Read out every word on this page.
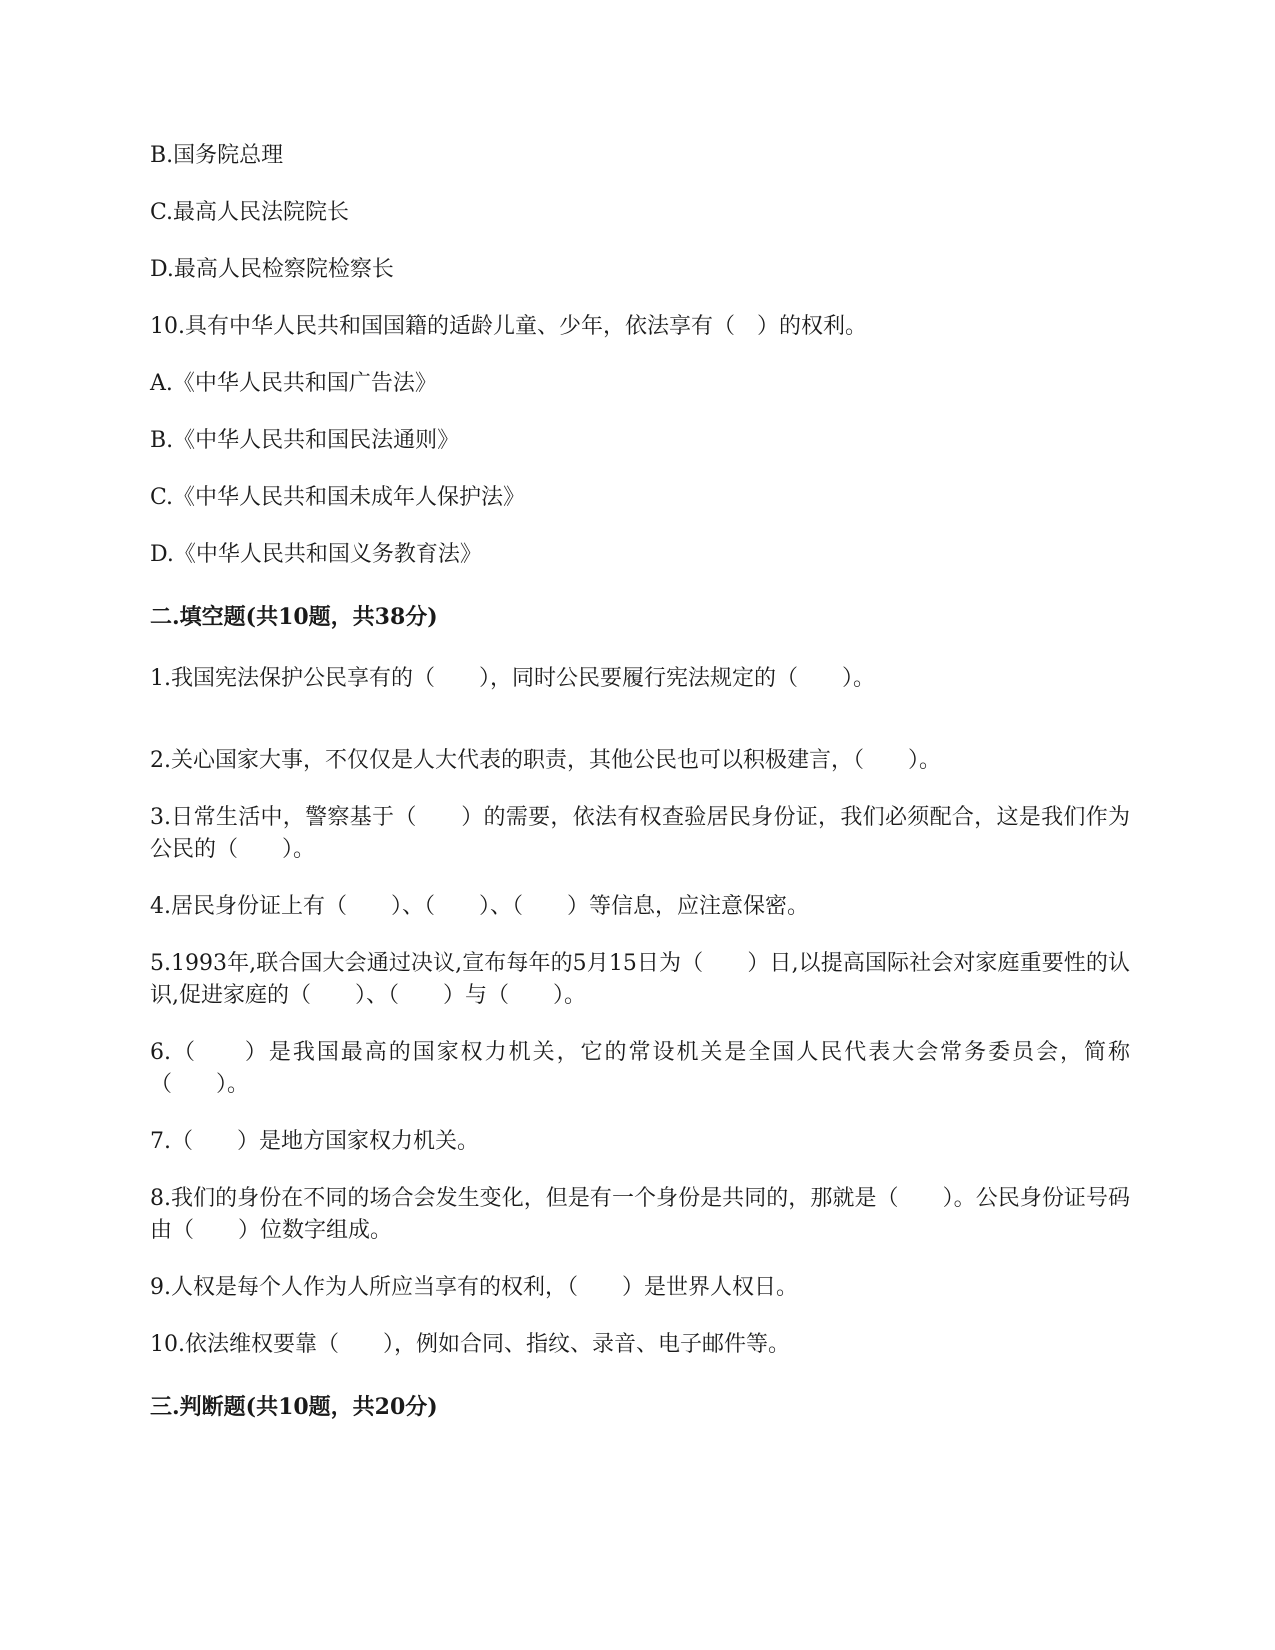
B.国务院总理
C.最高人民法院院长
D.最高人民检察院检察长
10.具有中华人民共和国国籍的适龄儿童、少年，依法享有（　）的权利。
A.《中华人民共和国广告法》
B.《中华人民共和国民法通则》
C.《中华人民共和国未成年人保护法》
D.《中华人民共和国义务教育法》
二.填空题(共10题，共38分)
1.我国宪法保护公民享有的（　　），同时公民要履行宪法规定的（　　）。
2.关心国家大事，不仅仅是人大代表的职责，其他公民也可以积极建言，（　　）。
3.日常生活中，警察基于（　　）的需要，依法有权查验居民身份证，我们必须配合，这是我们作为公民的（　　）。
4.居民身份证上有（　　）、（　　）、（　　）等信息，应注意保密。
5.1993年,联合国大会通过决议,宣布每年的5月15日为（　　）日,以提高国际社会对家庭重要性的认识,促进家庭的（　　）、（　　）与（　　）。
6.（　　）是我国最高的国家权力机关，它的常设机关是全国人民代表大会常务委员会，简称（　　）。
7.（　　）是地方国家权力机关。
8.我们的身份在不同的场合会发生变化，但是有一个身份是共同的，那就是（　　）。公民身份证号码由（　　）位数字组成。
9.人权是每个人作为人所应当享有的权利，（　　）是世界人权日。
10.依法维权要靠（　　），例如合同、指纹、录音、电子邮件等。
三.判断题(共10题，共20分)
